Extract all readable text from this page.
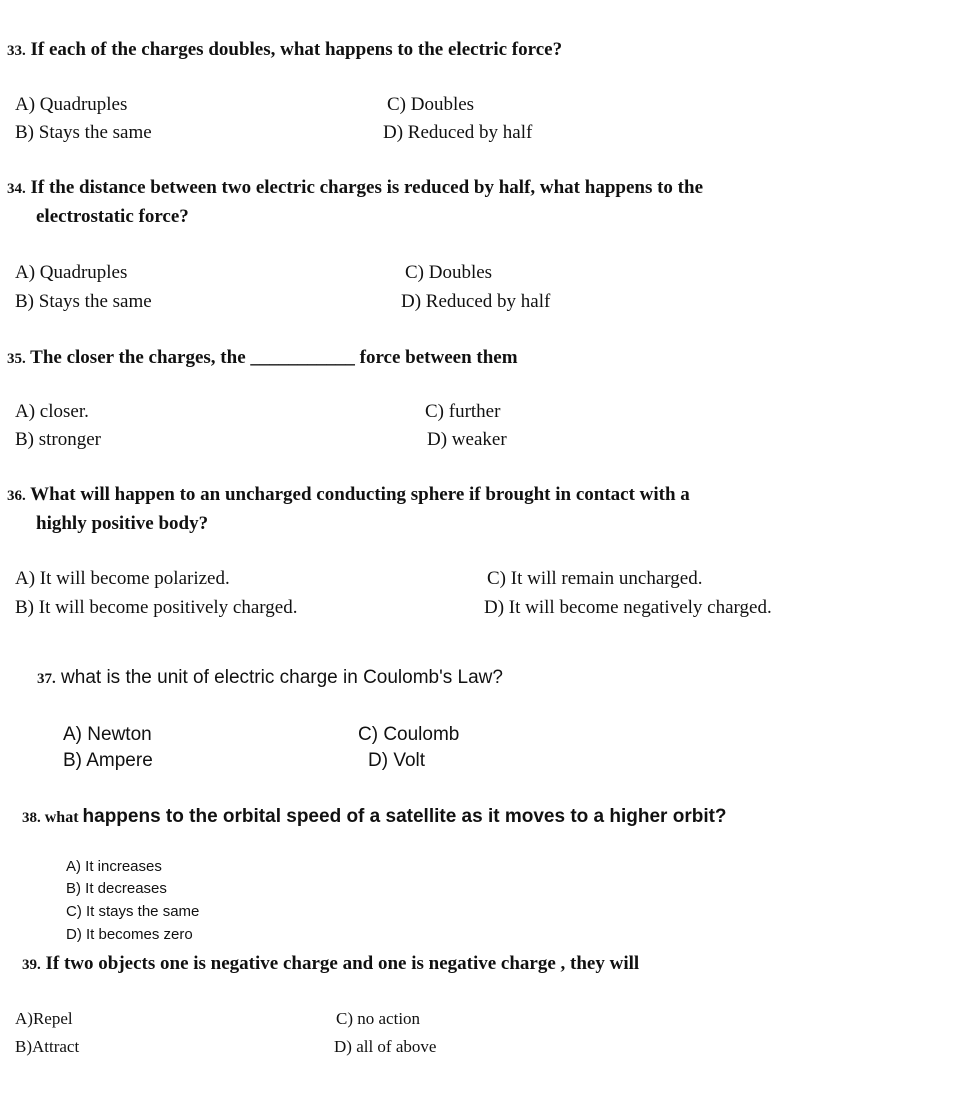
33. If each of the charges doubles, what happens to the electric force?
A) Quadruples
B) Stays the same
C) Doubles
D) Reduced by half
34. If the distance between two electric charges is reduced by half, what happens to the
electrostatic force?
A) Quadruples
B) Stays the same
C) Doubles
D) Reduced by half
35. The closer the charges, the ___________ force between them
A) closer.
B) stronger
C) further
D) weaker
36. What will happen to an uncharged conducting sphere if brought in contact with a
highly positive body?
A) It will become polarized.
B) It will become positively charged.
C) It will remain uncharged.
D) It will become negatively charged.
37. what is the unit of electric charge in Coulomb's Law?
A) Newton
B) Ampere
C) Coulomb
D) Volt
38. what happens to the orbital speed of a satellite as it moves to a higher orbit?
A) It increases
B) It decreases
C) It stays the same
D) It becomes zero
39. If two objects one is negative charge and one is negative charge , they will
A)Repel
B)Attract
C) no action
D) all of above
